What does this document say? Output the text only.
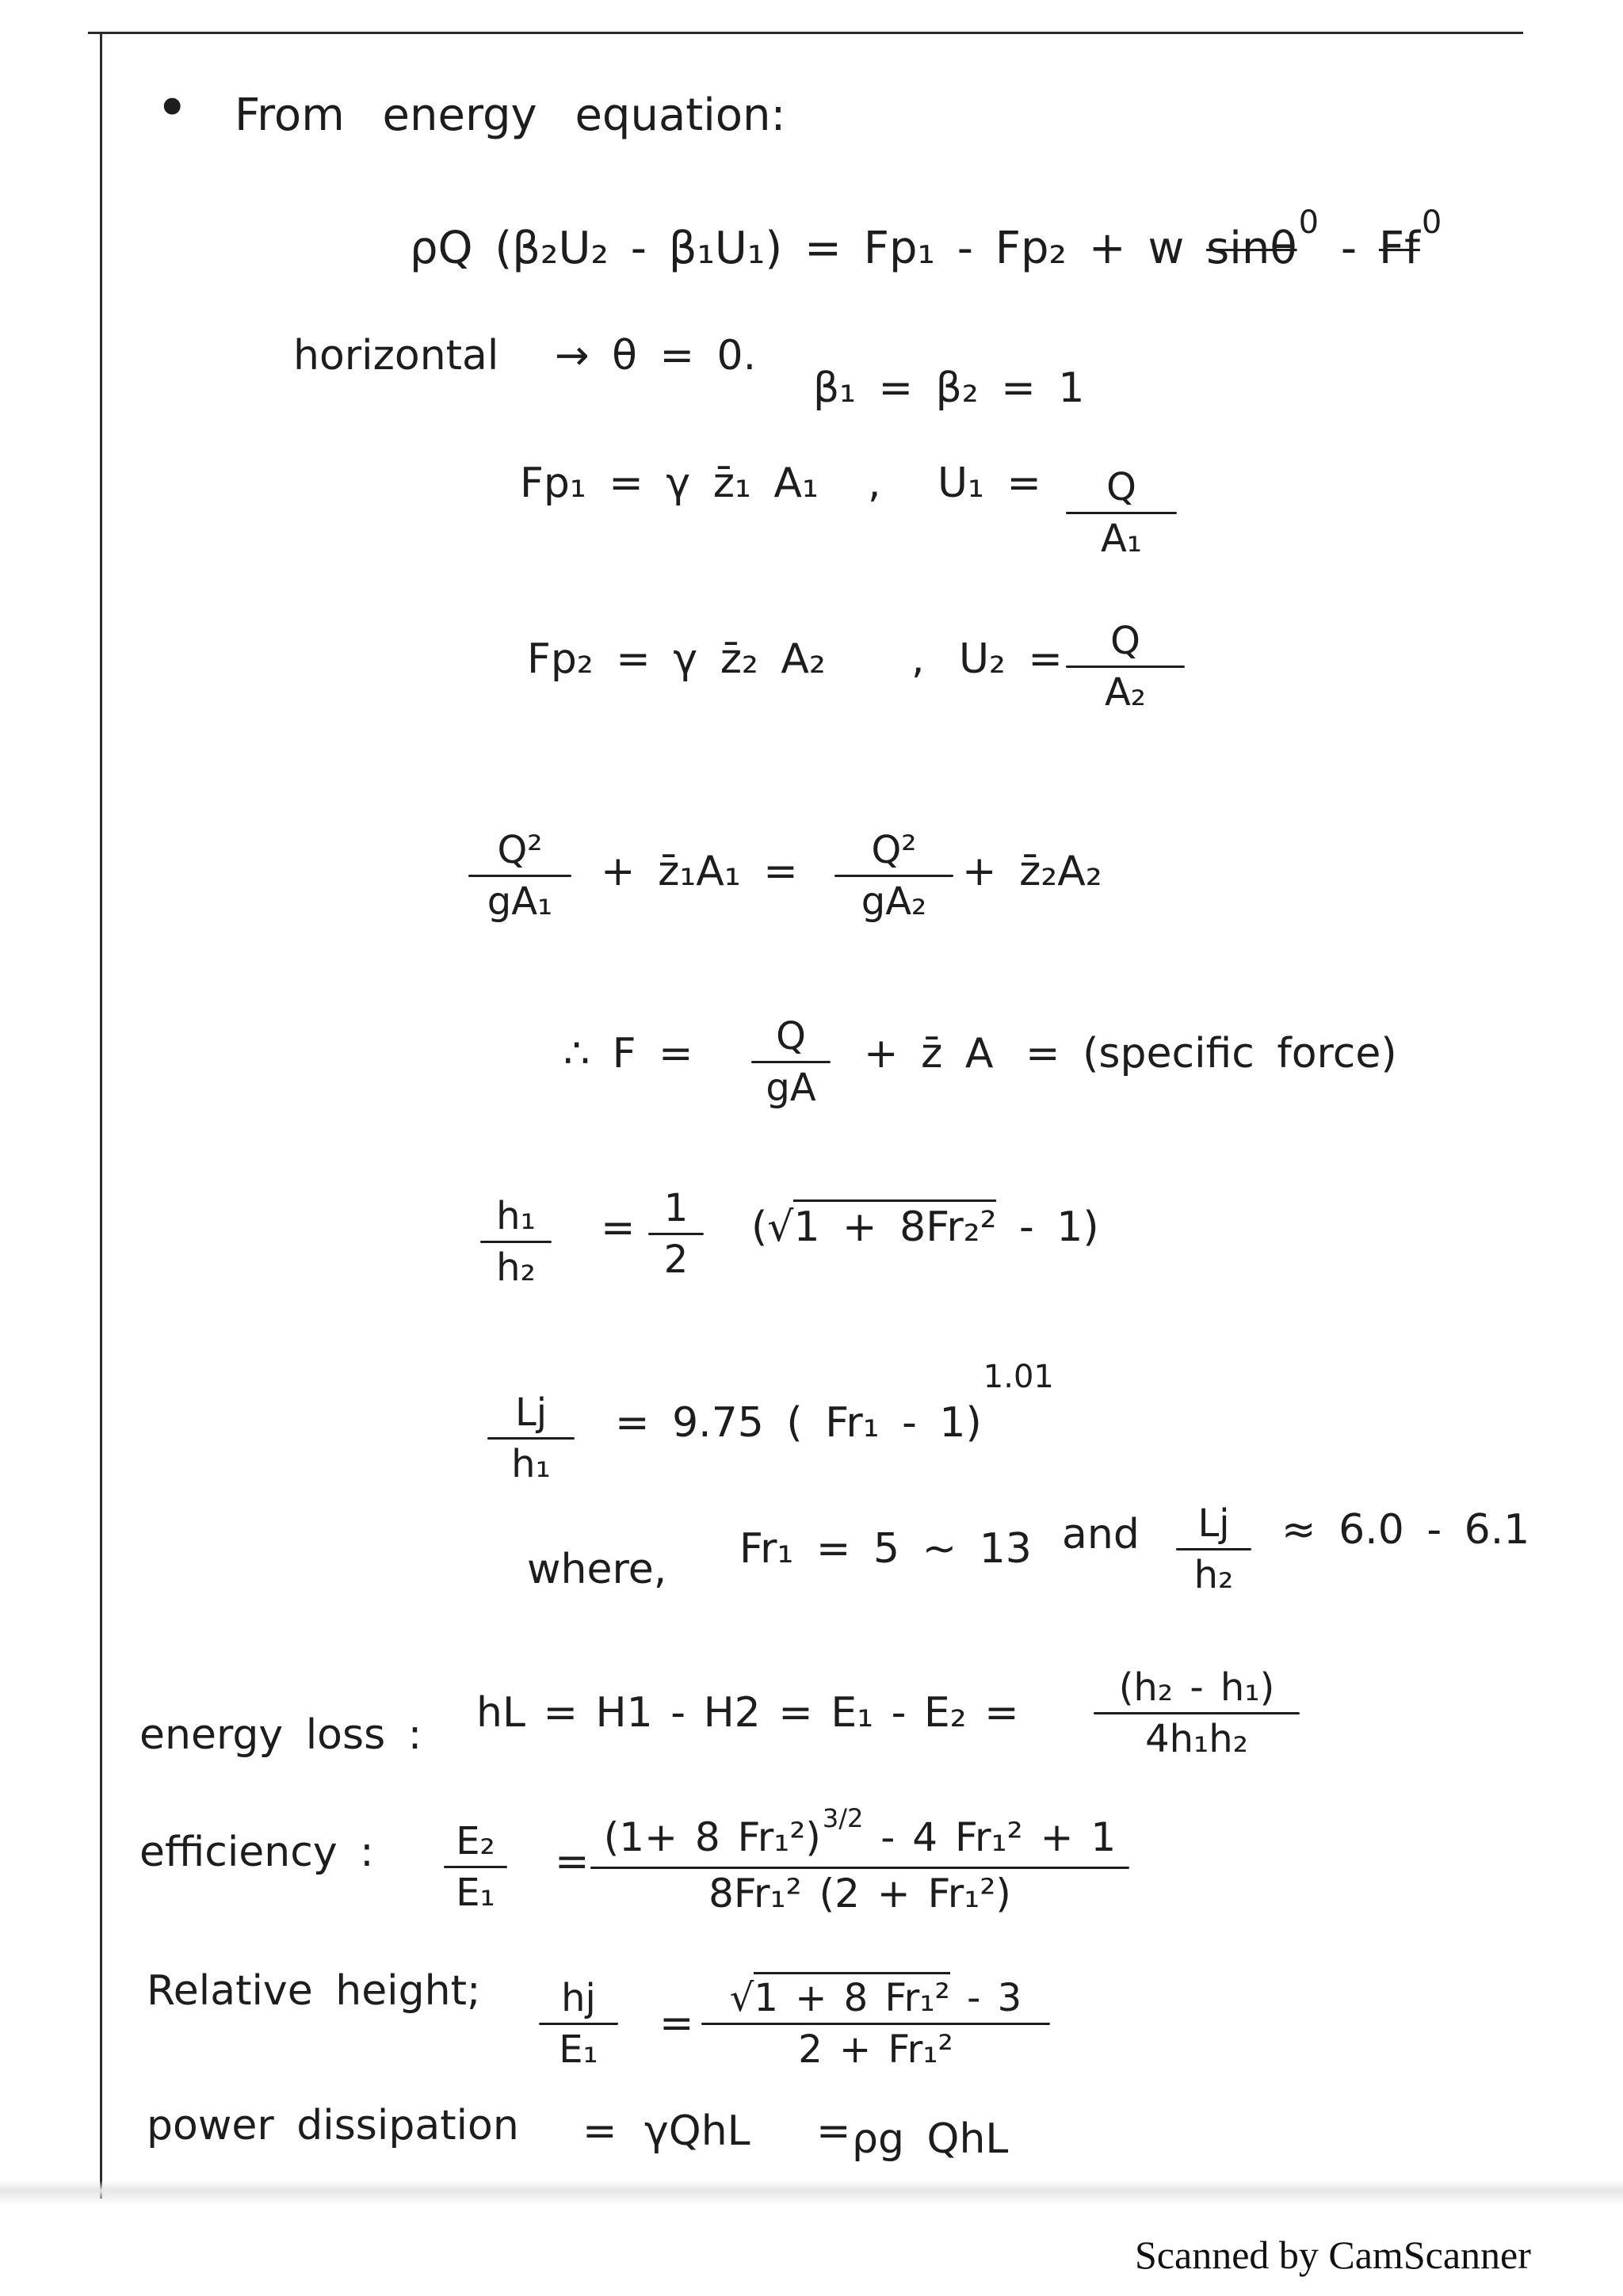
• From energy equation:
ρQ (β₂U₂ - β₁U₁) = Fp₁ - Fp₂ + w sinθ$^0$ - Ff$^0$
horizontal → θ = 0.
β₁ = β₂ = 1
Fp₁ = γ z̄₁ A₁ , U₁ = Q
A₁
Fp₂ = γ z̄₂ A₂ , U₂ = Q
A₂
Q²
gA₁
+ z̄₁A₁ = Q²
gA₂
+ z̄₂A₂
∴ F = Q
gA
+ z̄ A = (specific force)
h₁
h₂
= 1
2
(√1 + 8Fr₂² - 1)
Lj
h₁
= 9.75 ( Fr₁ - 1)$^{1.01}$
where, Fr₁ = 5 ~ 13 and Lj
h₂
≈ 6.0 - 6.1
energy loss : hL = H1 - H2 = E₁ - E₂ =
(h₂ - h₁)
4h₁h₂
efficiency : E₂
E₁
=
(1+ 8 Fr₁²)$^{3/2}$ - 4 Fr₁² + 1
8Fr₁² (2 + Fr₁²)
Relative height; hj
E₁
=
√1 + 8 Fr₁² - 3
2 + Fr₁²
power dissipation = γQhL = ρg QhL
Scanned by CamScanner
